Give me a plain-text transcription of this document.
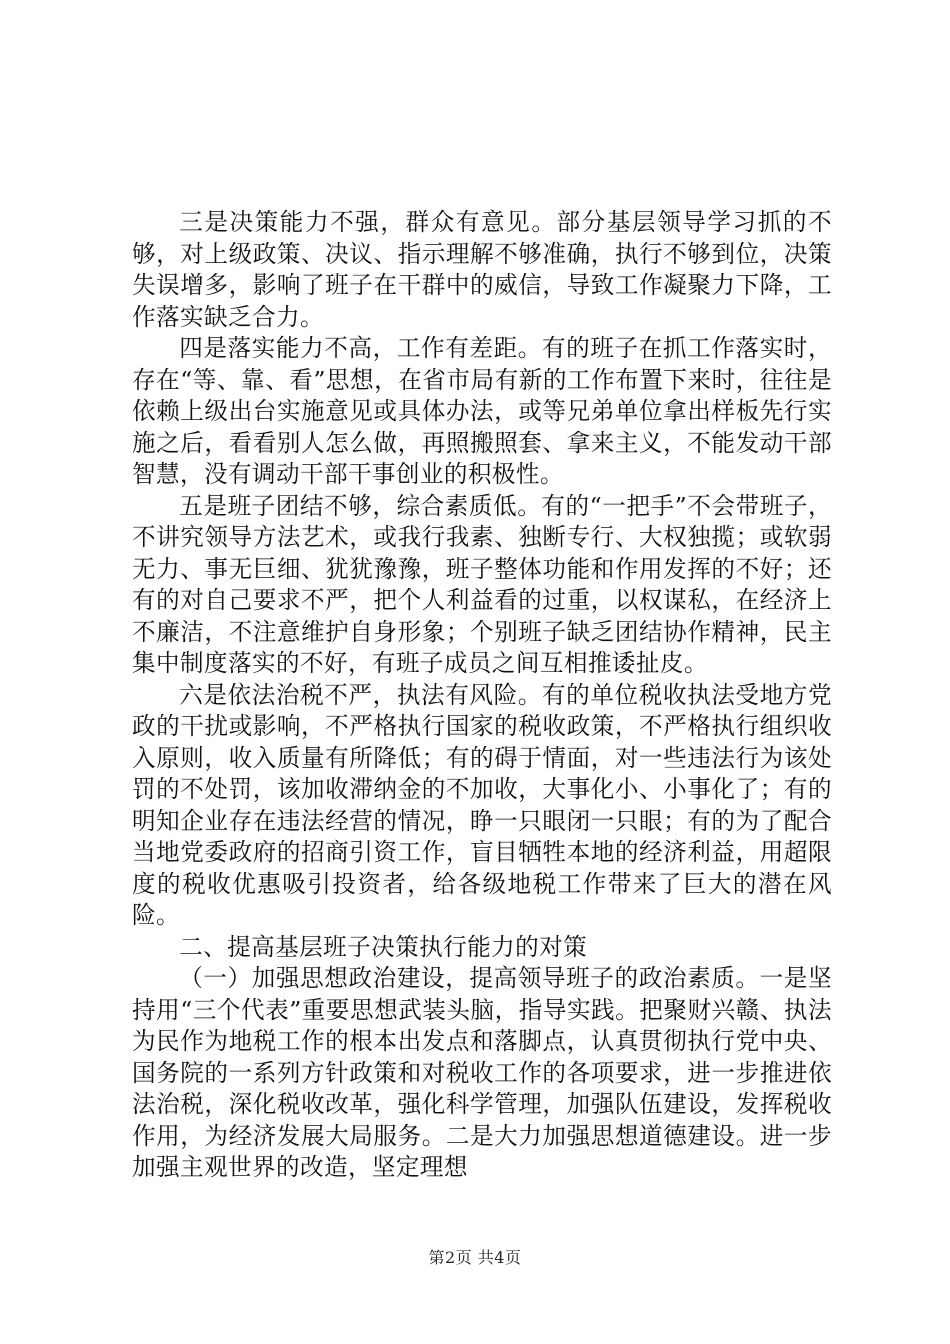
三是决策能力不强，群众有意见。部分基层领导学习抓的不够，对上级政策、决议、指示理解不够准确，执行不够到位，决策失误增多，影响了班子在干群中的威信，导致工作凝聚力下降，工作落实缺乏合力。

四是落实能力不高，工作有差距。有的班子在抓工作落实时，存在“等、靠、看”思想，在省市局有新的工作布置下来时，往往是依赖上级出台实施意见或具体办法，或等兄弟单位拿出样板先行实施之后，看看别人怎么做，再照搬照套、拿来主义，不能发动干部智慧，没有调动干部干事创业的积极性。

五是班子团结不够，综合素质低。有的“一把手”不会带班子，不讲究领导方法艺术，或我行我素、独断专行、大权独揽；或软弱无力、事无巨细、犹犹豫豫，班子整体功能和作用发挥的不好；还有的对自己要求不严，把个人利益看的过重，以权谋私，在经济上不廉洁，不注意维护自身形象；个别班子缺乏团结协作精神，民主集中制度落实的不好，有班子成员之间互相推诿扯皮。

六是依法治税不严，执法有风险。有的单位税收执法受地方党政的干扰或影响，不严格执行国家的税收政策，不严格执行组织收入原则，收入质量有所降低；有的碍于情面，对一些违法行为该处罚的不处罚，该加收滞纳金的不加收，大事化小、小事化了；有的明知企业存在违法经营的情况，睁一只眼闭一只眼；有的为了配合当地党委政府的招商引资工作，盲目牺牲本地的经济利益，用超限度的税收优惠吸引投资者，给各级地税工作带来了巨大的潜在风险。

二、提高基层班子决策执行能力的对策

（一）加强思想政治建设，提高领导班子的政治素质。一是坚持用“三个代表”重要思想武装头脑，指导实践。把聚财兴赣、执法为民作为地税工作的根本出发点和落脚点，认真贯彻执行党中央、国务院的一系列方针政策和对税收工作的各项要求，进一步推进依法治税，深化税收改革，强化科学管理，加强队伍建设，发挥税收作用，为经济发展大局服务。二是大力加强思想道德建设。进一步加强主观世界的改造，坚定理想

第2页 共4页
